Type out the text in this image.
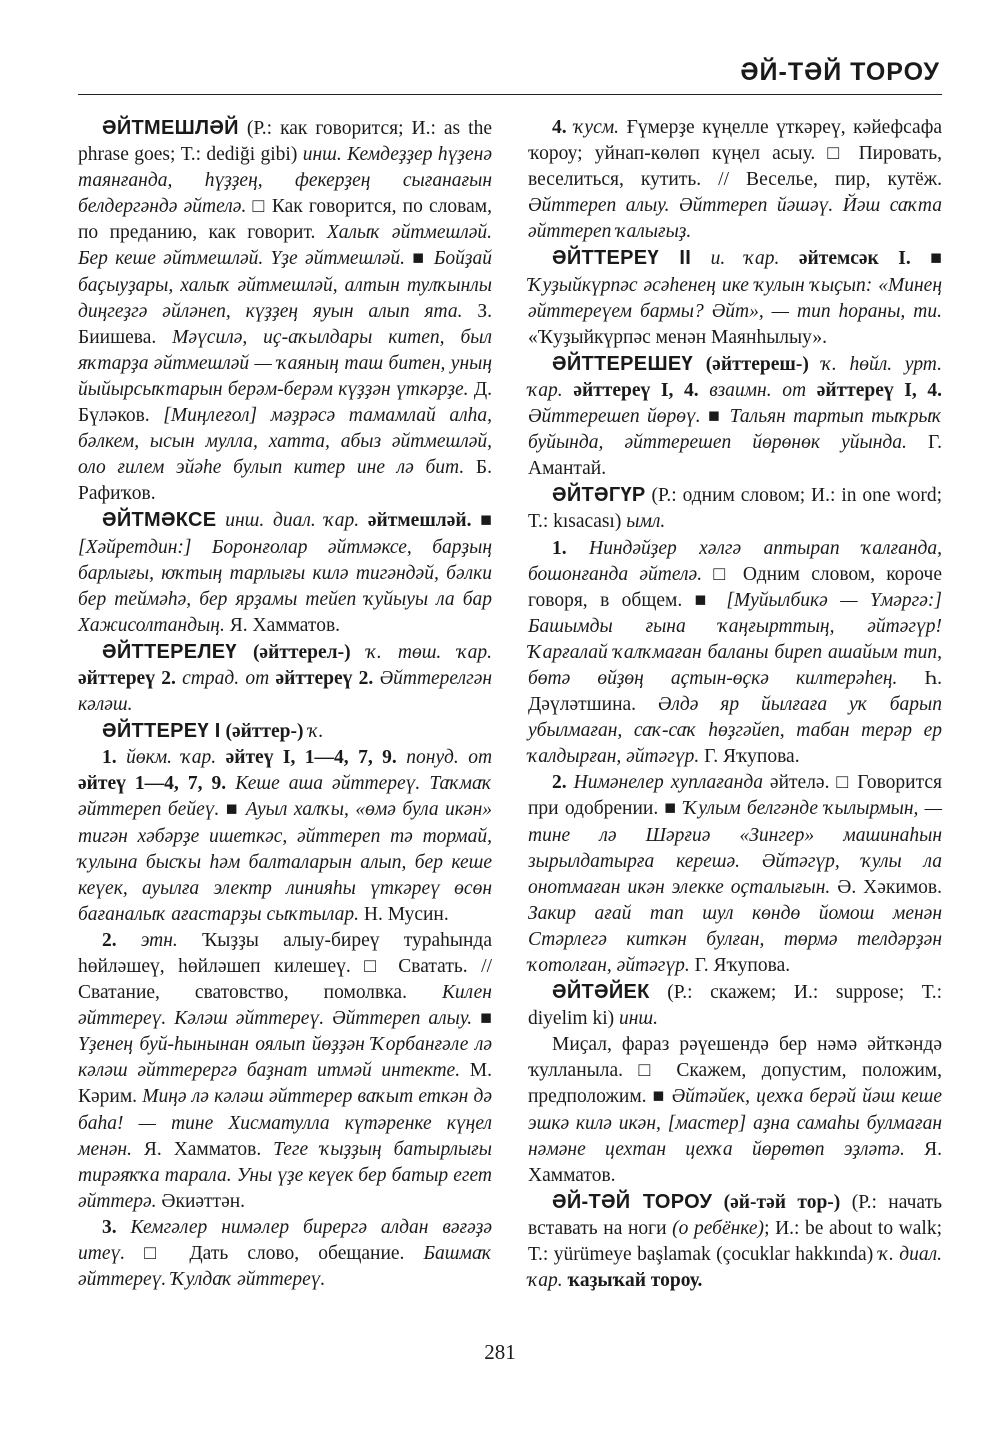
ӘЙ-ТӘЙ ТОРОУ

ӘЙТМЕШЛӘЙ (Р.: как говорится; И.: as the phrase goes; Т.: dediği gibi) инш. Кемдеҙҙер һүҙенә таянғанда, һүҙҙең, фекерҙең сығанағын белдергәндә әйтелә. □ Как говорится, по словам, по преданию, как говорит. Халыҡ әйтмешләй. Бер кеше әйтмешләй. Үҙе әйтмешләй. ■ Бойҙай баҫыуҙары, халыҡ әйтмешләй, алтын тулҡынлы диңгеҙгә әйләнеп, күҙҙең яуын алып ята. З. Биишева. Мәүсилә, иҫ-аҡылдары китеп, был яҡтарҙа әйтмешләй — ҡаяның таш битен, уның йыйырсыҡтарын берәм-берәм күҙҙән үткәрҙе. Д. Бүләков. [Миңлеғол] мәҙрәсә тамамлай алһа, бәлкем, ысын мулла, хатта, абыз әйтмешләй, оло ғилем эйәһе булып китер ине лә бит. Б. Рафиҡов.

ӘЙТМӘКСЕ инш. диал. ҡар. әйтмешләй. ■ [Хәйретдин:] Боронғолар әйтмәксе, барҙың барлығы, юҡтың тарлығы килә тигәндәй, бәлки бер теймәһә, бер ярҙамы тейеп ҡуйыуы ла бар Хажисолтандың. Я. Хамматов.

ӘЙТТЕРЕЛЕҮ (әйттерел-) ҡ. төш. ҡар. әйттереү 2. страд. от әйттереү 2. Әйттерелгән кәләш.

ӘЙТТЕРЕҮ I (әйттер-) ҡ.

1. йөкм. ҡар. әйтеү I, 1—4, 7, 9. понуд. от әйтеү 1—4, 7, 9. Кеше аша әйттереү. Таҡмаҡ әйттереп бейеү. ■ Ауыл халҡы, «өмә була икән» тигән хәбәрҙе ишеткәс, әйттереп тә тормай, ҡулына бысҡы һәм балталарын алып, бер кеше кеүек, ауылға электр линияһы үткәреү өсөн бағаналыҡ ағастарҙы сыҡтылар. Н. Мусин.

2. этн. Ҡыҙҙы алыу-биреү тураһында һөйләшеү, һөйләшеп килешеү. □ Сватать. // Сватание, сватовство, помолвка. Килен әйттереү. Кәләш әйттереү. Әйттереп алыу. ■ Үҙенең буй-һынынан оялып йөҙҙән Ҡорбанғәле лә кәләш әйттерергә баҙнат итмәй интекте. М. Кәрим. Миңә лә кәләш әйттерер ваҡыт еткән дә баһа! — тине Хисматулла күтәренке күңел менән. Я. Хамматов. Теге ҡыҙҙың батырлығы тирәяҡҡа тарала. Уны үҙе кеүек бер батыр егет әйттерә. Әкиәттән.

3. Кемгәлер нимәлер бирергә алдан вәғәҙә итеү. □ Дать слово, обещание. Башмаҡ әйттереү. Ҡулдаҡ әйттереү.

4. ҡусм. Ғүмерҙе күңелле үткәреү, кәйефсафа ҡороу; уйнап-көлөп күңел асыу. □ Пировать, веселиться, кутить. // Веселье, пир, кутёж. Әйттереп алыу. Әйттереп йәшәү. Йәш саҡта әйттереп ҡалығыҙ.

ӘЙТТЕРЕҮ II и. ҡар. әйтемсәк I. ■ Ҡуҙыйкүрпәс әсәһенең ике ҡулын ҡыҫып: «Минең әйттереүем бармы? Әйт», — тип һораны, ти. «Ҡуҙыйкүрпәс менән Маянһылыу».

ӘЙТТЕРЕШЕҮ (әйттереш-) ҡ. һөйл. урт. ҡар. әйттереү I, 4. взаимн. от әйттереү I, 4. Әйттерешеп йөрөү. ■ Тальян тартып тыҡрыҡ буйында, әйттерешеп йөрөнөк уйында. Г. Амантай.

ӘЙТӘГҮР (Р.: одним словом; И.: in one word; Т.: kısacası) ымл.

1. Ниндәйҙер хәлгә аптырап ҡалғанда, бошонғанда әйтелә. □ Одним словом, короче говоря, в общем. ■ [Муйылбикә — Үмәргә:] Башымды ғына ҡаңғырттың, әйтәгүр! Ҡарғалай ҡалҡмаған баланы биреп ашайым тип, бөтә өйҙөң аҫтын-өҫкә килтерәһең. Һ. Дәүләтшина. Әлдә яр йылғаға уҡ барып убылмаған, саҡ-саҡ һөҙгәйеп, табан терәр ер ҡалдырған, әйтәгүр. Г. Яҡупова.

2. Нимәнелер хуплағанда әйтелә. □ Говорится при одобрении. ■ Ҡулым белгәнде ҡылырмын, — тине лә Шәрғиә «Зингер» машинаһын зырылдатырға керешә. Әйтәгүр, ҡулы ла онотмаған икән элекке оҫталығын. Ә. Хәкимов. Закир ағай тап шул көндө йомош менән Стәрлегә киткән булған, төрмә телдәрҙән ҡотолған, әйтәгүр. Г. Яҡупова.

ӘЙТӘЙЕК (Р.: скажем; И.: suppose; Т.: diyelim ki) инш.

Миҫал, фараз рәүешендә бер нәмә әйткәндә ҡулланыла. □ Скажем, допустим, положим, предположим. ■ Әйтәйек, цехҡа берәй йәш кеше эшкә килә икән, [мастер] аҙна самаһы булмаған нәмәне цехтан цехҡа йөрөтөп эҙләтә. Я. Хамматов.

ӘЙ-ТӘЙ ТОРОУ (әй-тәй тор-) (Р.: начать вставать на ноги (о ребёнке); И.: be about to walk; Т.: yürümeye başlamak (çocuklar hakkında) ҡ. диал. ҡар. ҡаҙыҡай тороу.

281
